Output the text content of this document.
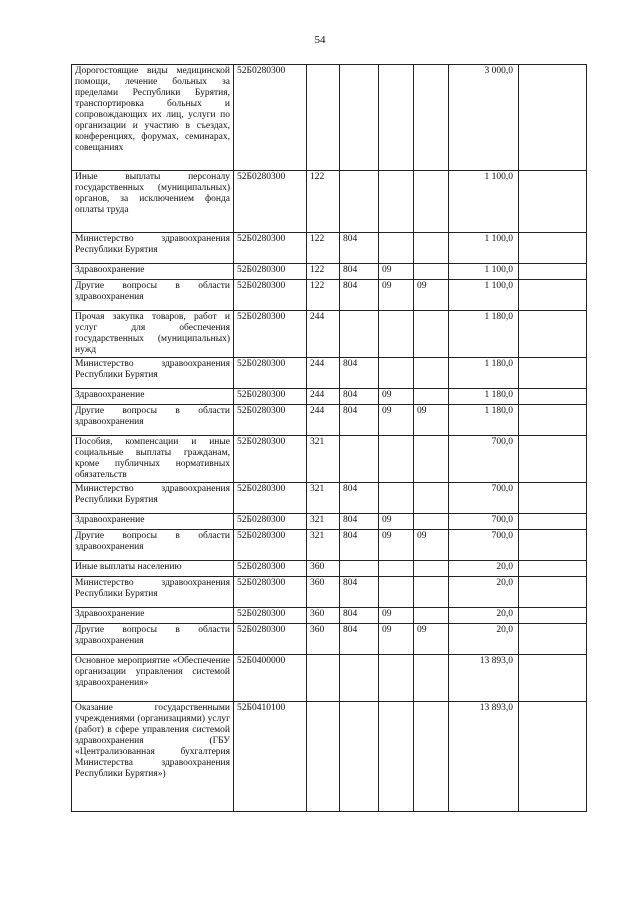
54
Дорогостоящие виды медицинской помощи, лечение больных за пределами Республики Бурятия, транспортировка больных и сопровождающих их лиц, услуги по организации и участию в съездах, конференциях, форумах, семинарах, совещаниях	52Б0280300					3 000,0	
Иные выплаты персоналу государственных (муниципальных) органов, за исключением фонда оплаты труда	52Б0280300	122				1 100,0	
Министерство здравоохранения Республики Бурятия	52Б0280300	122	804			1 100,0	
Здравоохранение	52Б0280300	122	804	09		1 100,0	
Другие вопросы в области здравоохранения	52Б0280300	122	804	09	09	1 100,0	
Прочая закупка товаров, работ и услуг для обеспечения государственных (муниципальных) нужд	52Б0280300	244				1 180,0	
Министерство здравоохранения Республики Бурятия	52Б0280300	244	804			1 180,0	
Здравоохранение	52Б0280300	244	804	09		1 180,0	
Другие вопросы в области здравоохранения	52Б0280300	244	804	09	09	1 180,0	
Пособия, компенсации и иные социальные выплаты гражданам, кроме публичных нормативных обязательств	52Б0280300	321				700,0	
Министерство здравоохранения Республики Бурятия	52Б0280300	321	804			700,0	
Здравоохранение	52Б0280300	321	804	09		700,0	
Другие вопросы в области здравоохранения	52Б0280300	321	804	09	09	700,0	
Иные выплаты населению	52Б0280300	360				20,0	
Министерство здравоохранения Республики Бурятия	52Б0280300	360	804			20,0	
Здравоохранение	52Б0280300	360	804	09		20,0	
Другие вопросы в области здравоохранения	52Б0280300	360	804	09	09	20,0	
Основное мероприятие «Обеспечение организации управления системой здравоохранения»	52Б0400000					13 893,0	
Оказание государственными учреждениями (организациями) услуг (работ) в сфере управления системой здравоохранения (ГБУ «Централизованная бухгалтерия Министерства здравоохранения Республики Бурятия»)	52Б0410100					13 893,0	
